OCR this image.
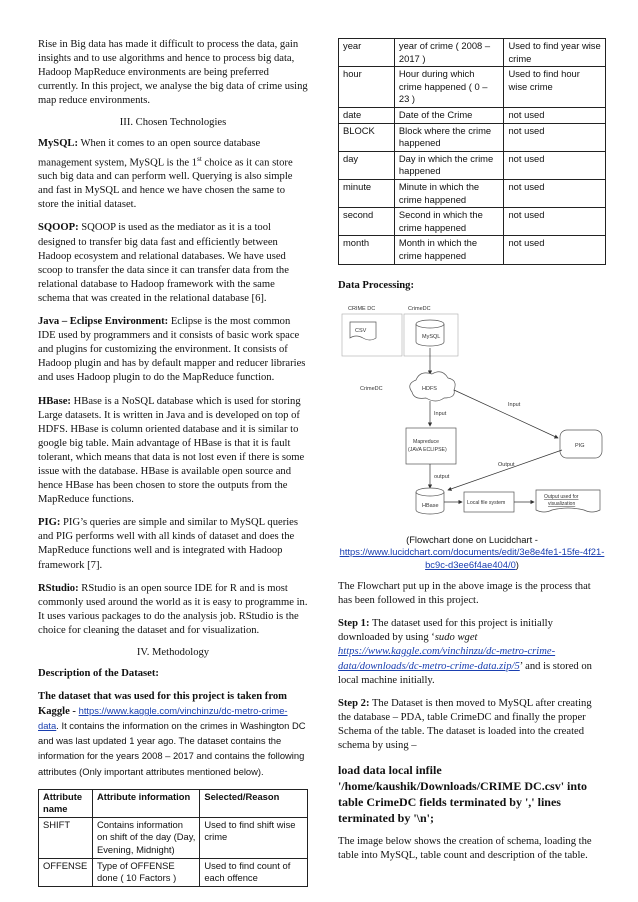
Rise in Big data has made it difficult to process the data, gain insights and to use algorithms and hence to process big data, Hadoop MapReduce environments are being preferred currently. In this project, we analyse the big data of crime using map reduce environments.

III. Chosen Technologies

MySQL: When it comes to an open source database management system, MySQL is the 1st choice as it can store such big data and can perform well. Querying is also simple and fast in MySQL and hence we have chosen the same to store the initial dataset.

SQOOP: SQOOP is used as the mediator as it is a tool designed to transfer big data fast and efficiently between Hadoop ecosystem and relational databases. We have used scoop to transfer the data since it can transfer data from the relational database to Hadoop framework with the same schema that was created in the relational database [6].

Java – Eclipse Environment: Eclipse is the most common IDE used by programmers and it consists of basic work space and plugins for customizing the environment. It consists of Hadoop plugin and has by default mapper and reducer libraries and uses Hadoop plugin to do the MapReduce function.

HBase: HBase is a NoSQL database which is used for storing Large datasets. It is written in Java and is developed on top of HDFS. HBase is column oriented database and it is similar to google big table. Main advantage of HBase is that it is fault tolerant, which means that data is not lost even if there is some issue with the database. HBase is available open source and hence HBase has been chosen to store the outputs from the MapReduce functions.

PIG: PIG’s queries are simple and similar to MySQL queries and PIG performs well with all kinds of dataset and does the MapReduce functions well and is integrated with Hadoop framework [7].

RStudio: RStudio is an open source IDE for R and is most commonly used around the world as it is easy to programme in. It uses various packages to do the analysis job. RStudio is the choice for cleaning the dataset and for visualization.

IV. Methodology

Description of the Dataset:

The dataset that was used for this project is taken from Kaggle - https://www.kaggle.com/vinchinzu/dc-metro-crime-data. It contains the information on the crimes in Washington DC and was last updated 1 year ago. The dataset contains the information for the years 2008 – 2017 and contains the following attributes (Only important attributes mentioned below).

Attribute name	Attribute information	Selected/Reason
SHIFT	Contains information on shift of the day (Day, Evening, Midnight)	Used to find shift wise crime
OFFENSE	Type of OFFENSE done ( 10 Factors )	Used to find count of each offence
year	year of crime ( 2008 – 2017 )	Used to find year wise crime
hour	Hour during which crime happened ( 0 – 23 )	Used to find hour wise crime
date	Date of the Crime	not used
BLOCK	Block where the crime happened	not used
day	Day in which the crime happened	not used
minute	Minute in which the crime happened	not used
second	Second in which the crime happened	not used
month	Month in which the crime happened	not used

Data Processing:

CRIME DC	CrimeDC
CSV
MySQL
CrimeDC	HDFS
Input
Input
Mapreduce
(JAVA ECLIPSE)
PIG
output
Output
HBase	Local file system
Output used for
visualization
(Flowchart done on Lucidchart -
https://www.lucidchart.com/documents/edit/3e8e4fe1-15fe-4f21-bc9c-d3ee6f4ae404/0)

The Flowchart put up in the above image is the process that has been followed in this project.

Step 1: The dataset used for this project is initially downloaded by using ‘sudo wget https://www.kaggle.com/vinchinzu/dc-metro-crime-data/downloads/dc-metro-crime-data.zip/5’ and is stored on local machine initially.

Step 2: The Dataset is then moved to MySQL after creating the database – PDA, table CrimeDC and finally the proper Schema of the table. The dataset is loaded into the created schema by using –

load data local infile '/home/kaushik/Downloads/CRIME DC.csv' into table CrimeDC fields terminated by ',' lines terminated by '\n';

The image below shows the creation of schema, loading the table into MySQL, table count and description of the table.
